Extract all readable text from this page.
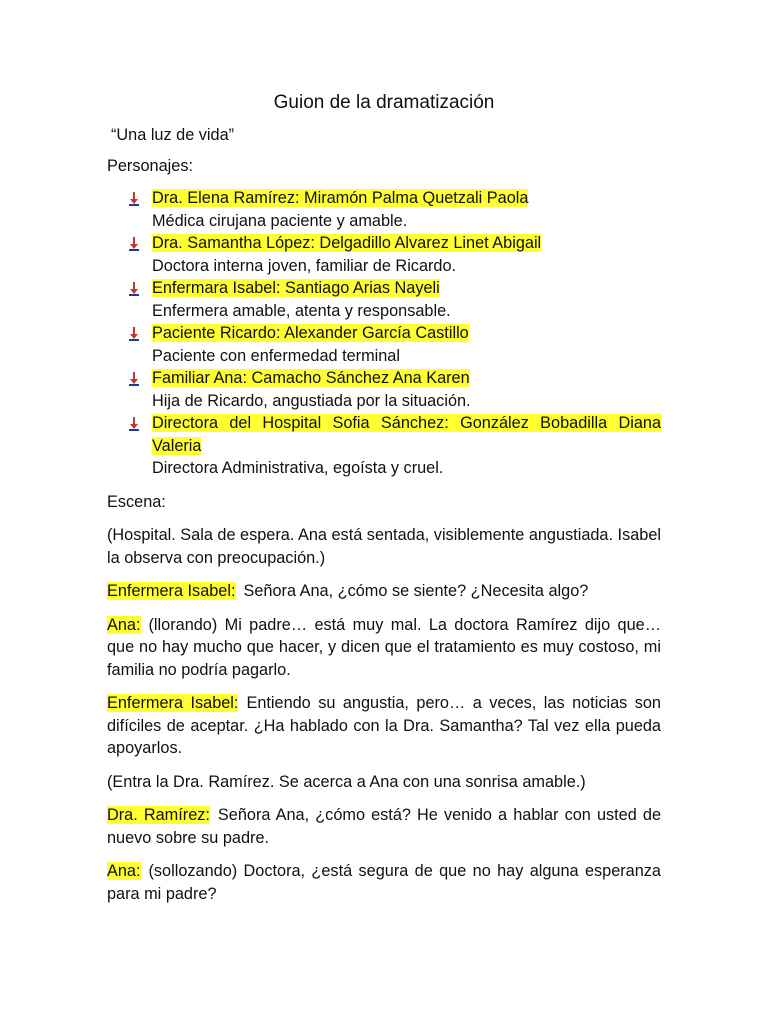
Guion de la dramatización

“Una luz de vida”

Personajes:

Dra. Elena Ramírez: Miramón Palma Quetzali Paola
Médica cirujana paciente y amable.
Dra. Samantha López: Delgadillo Alvarez Linet Abigail
Doctora interna joven, familiar de Ricardo.
Enfermara Isabel: Santiago Arias Nayeli
Enfermera amable, atenta y responsable.
Paciente Ricardo: Alexander García Castillo
Paciente con enfermedad terminal
Familiar Ana: Camacho Sánchez Ana Karen
Hija de Ricardo, angustiada por la situación.
Directora del Hospital Sofia Sánchez: González Bobadilla Diana Valeria
Directora Administrativa, egoísta y cruel.

Escena:

(Hospital. Sala de espera. Ana está sentada, visiblemente angustiada. Isabel la observa con preocupación.)

Enfermera Isabel: Señora Ana, ¿cómo se siente? ¿Necesita algo?

Ana: (llorando) Mi padre… está muy mal. La doctora Ramírez dijo que… que no hay mucho que hacer, y dicen que el tratamiento es muy costoso, mi familia no podría pagarlo.

Enfermera Isabel: Entiendo su angustia, pero… a veces, las noticias son difíciles de aceptar. ¿Ha hablado con la Dra. Samantha? Tal vez ella pueda apoyarlos.

(Entra la Dra. Ramírez. Se acerca a Ana con una sonrisa amable.)

Dra. Ramírez: Señora Ana, ¿cómo está? He venido a hablar con usted de nuevo sobre su padre.

Ana: (sollozando) Doctora, ¿está segura de que no hay alguna esperanza para mi padre?
